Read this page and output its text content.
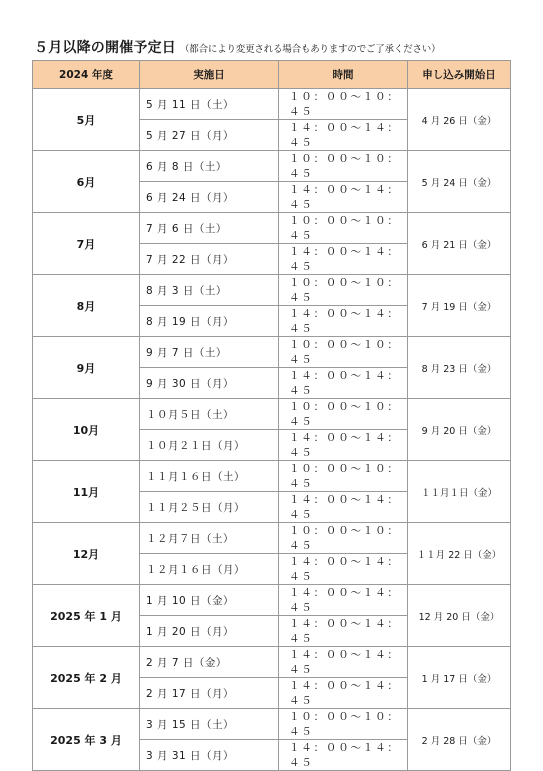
５月以降の開催予定日 （都合により変更される場合もありますのでご了承ください）
2024 年度	実施日	時間	申し込み開始日
5月	5 月 11 日（土）	１０：００～１０：４５	4 月 26 日（金）
	5 月 27 日（月）	１４：００～１４：４５	
6月	6 月 8 日（土）	１０：００～１０：４５	5 月 24 日（金）
	6 月 24 日（月）	１４：００～１４：４５	
7月	7 月 6 日（土）	１０：００～１０：４５	6 月 21 日（金）
	7 月 22 日（月）	１４：００～１４：４５	
8月	8 月 3 日（土）	１０：００～１０：４５	7 月 19 日（金）
	8 月 19 日（月）	１４：００～１４：４５	
9月	9 月 7 日（土）	１０：００～１０：４５	8 月 23 日（金）
	9 月 30 日（月）	１４：００～１４：４５	
10月	１０月５日（土）	１０：００～１０：４５	9 月 20 日（金）
	１０月２１日（月）	１４：００～１４：４５	
11月	１１月１６日（土）	１０：００～１０：４５	１１月１日（金）
	１１月２５日（月）	１４：００～１４：４５	
12月	１２月７日（土）	１０：００～１０：４５	１１月 22 日（金）
	１２月１６日（月）	１４：００～１４：４５	
2025 年 1 月	1 月 10 日（金）	１４：００～１４：４５	12 月 20 日（金）
	1 月 20 日（月）	１４：００～１４：４５	
2025 年 2 月	2 月 7 日（金）	１４：００～１４：４５	1 月 17 日（金）
	2 月 17 日（月）	１４：００～１４：４５	
2025 年 3 月	3 月 15 日（土）	１０：００～１０：４５	2 月 28 日（金）
	3 月 31 日（月）	１４：００～１４：４５	
